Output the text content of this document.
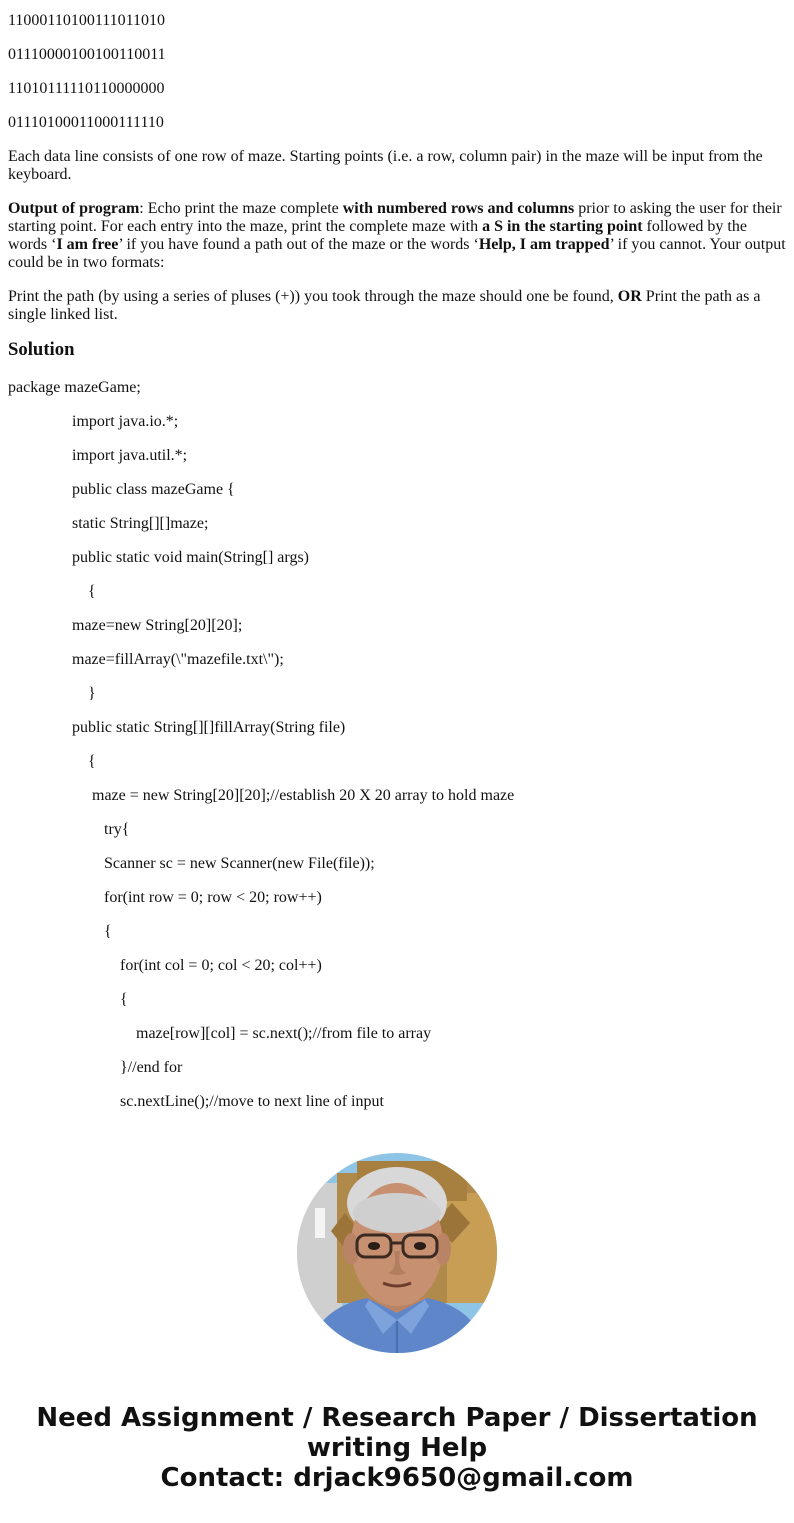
11000110100111011010

01110000100100110011

11010111110110000000

01110100011000111110

Each data line consists of one row of maze. Starting points (i.e. a row, column pair) in the maze will be input from the keyboard.

Output of program: Echo print the maze complete with numbered rows and columns prior to asking the user for their starting point. For each entry into the maze, print the complete maze with a S in the starting point followed by the words ‘I am free’ if you have found a path out of the maze or the words ‘Help, I am trapped’ if you cannot. Your output could be in two formats:

Print the path (by using a series of pluses (+)) you took through the maze should one be found, OR Print the path as a single linked list.

Solution

package mazeGame;

import java.io.*;

import java.util.*;

public class mazeGame {

static String[][]maze;

public static void main(String[] args)

{

maze=new String[20][20];

maze=fillArray(\"mazefile.txt\");

}

public static String[][]fillArray(String file)

{

maze = new String[20][20];//establish 20 X 20 array to hold maze

try{

Scanner sc = new Scanner(new File(file));

for(int row = 0; row < 20; row++)

{

for(int col = 0; col < 20; col++)

{

maze[row][col] = sc.next();//from file to array

}//end for

sc.nextLine();//move to next line of input

Need Assignment / Research Paper / Dissertation
writing Help
Contact: drjack9650@gmail.com
